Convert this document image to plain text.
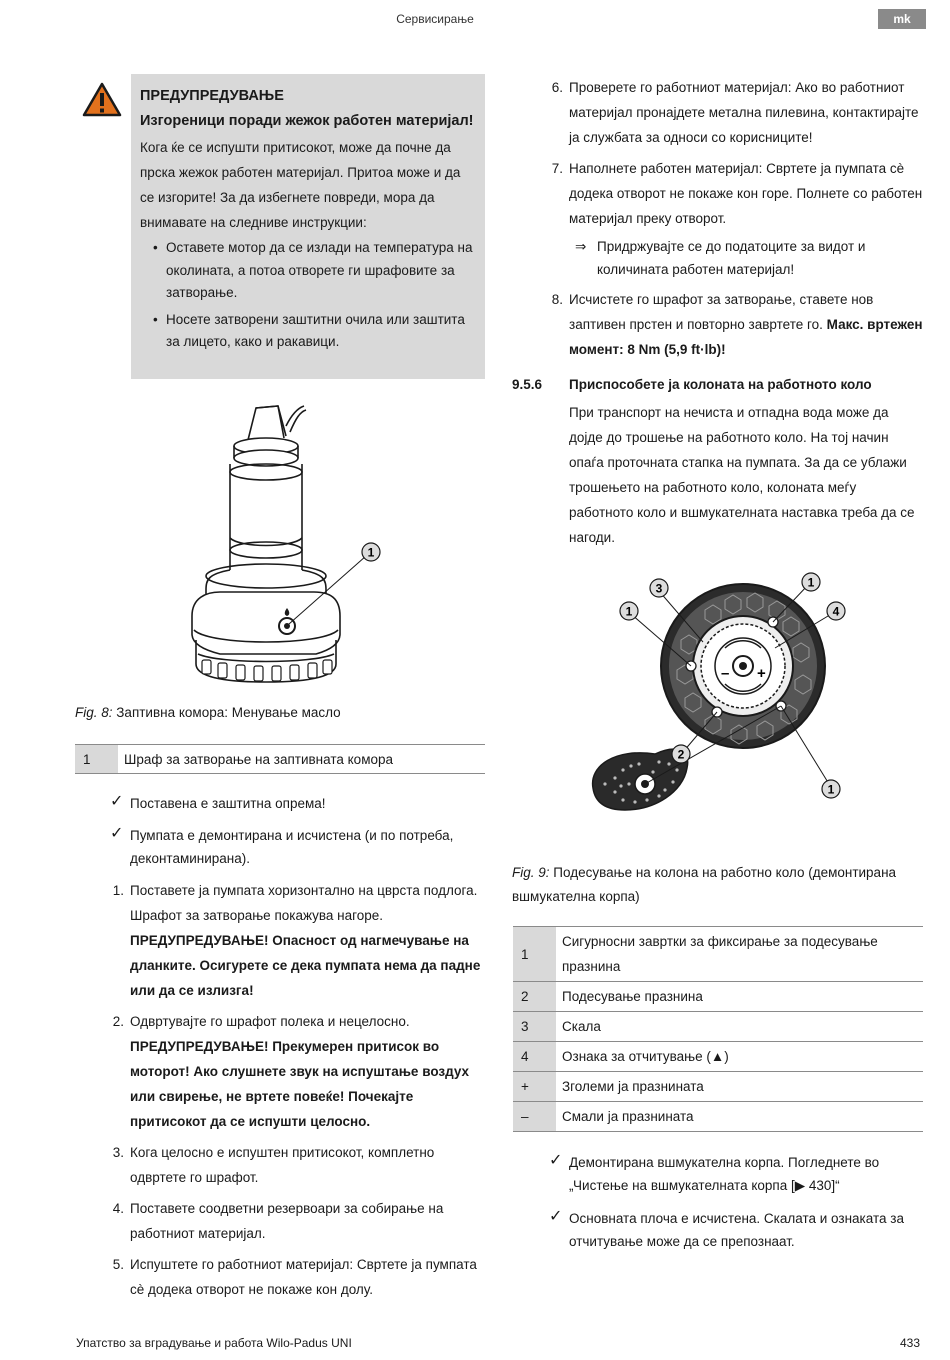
Сервисирање	mk
ПРЕДУПРЕДУВАЊЕ
Изгореници поради жежок работен материјал!

Кога ќе се испушти притисокот, може да почне да прска жежок работен материјал. Притоа може и да се изгорите! За да избегнете повреди, мора да внимавате на следниве инструкции:

• Оставете мотор да се излади на температура на околината, а потоа отворете ги шрафовите за затворање.
• Носете затворени заштитни очила или заштита за лицето, како и ракавици.
1
Fig. 8: Заптивна комора: Менување масло
1	Шраф за затворање на заптивната комора
✓ Поставена е заштитна опрема!
✓ Пумпата е демонтирана и исчистена (и по потреба, деконтаминирана).
1. Поставете ја пумпата хоризонтално на цврста подлога. Шрафот за затворање покажува нагоре.
ПРЕДУПРЕДУВАЊЕ! Опасност од нагмечување на дланките. Осигурете се дека пумпата нема да падне или да се излизга!
2. Одвртувајте го шрафот полека и нецелосно.
ПРЕДУПРЕДУВАЊЕ! Прекумерен притисок во моторот! Ако слушнете звук на испуштање воздух или свирење, не вртете повеќе! Почекајте притисокот да се испушти целосно.
3. Кога целосно е испуштен притисокот, комплетно одвртете го шрафот.
4. Поставете соодветни резервоари за собирање на работниот материјал.
5. Испуштете го работниот материјал: Свртете ја пумпата сè додека отворот не покаже кон долу.
6. Проверете го работниот материјал: Ако во работниот материјал пронајдете метална пилевина, контактирајте ја службата за односи со корисниците!
7. Наполнете работен материјал: Свртете ја пумпата сè додека отворот не покаже кон горе. Полнете со работен материјал преку отворот.
⇒ Придржувајте се до податоците за видот и количината работен материјал!
8. Исчистете го шрафот за затворање, ставете нов заптивен прстен и повторно завртете го. Макс. вртежен момент: 8 Nm (5,9 ft·lb)!
9.5.6 Приспособете ја колоната на работното коло
При транспорт на нечиста и отпадна вода може да дојде до трошење на работното коло. На тој начин опаѓа проточната стапка на пумпата. За да се ублажи трошењето на работното коло, колоната меѓу работното коло и вшмукателната наставка треба да се нагоди.
– +
3
1
1
4
2
1
Fig. 9: Подесување на колона на работно коло (демонтирана вшмукателна корпа)
1	Сигурносни завртки за фиксирање за подесување празнина
2	Подесување празнина
3	Скала
4	Ознака за отчитување (▲)
+	Зголеми ја празнината
–	Смали ја празнината
✓ Демонтирана вшмукателна корпа. Погледнете во „Чистење на вшмукателната корпа [▶ 430]“
✓ Основната плоча е исчистена. Скалата и ознаката за отчитување може да се препознаат.
Упатство за вградување и работа Wilo-Padus UNI	433
